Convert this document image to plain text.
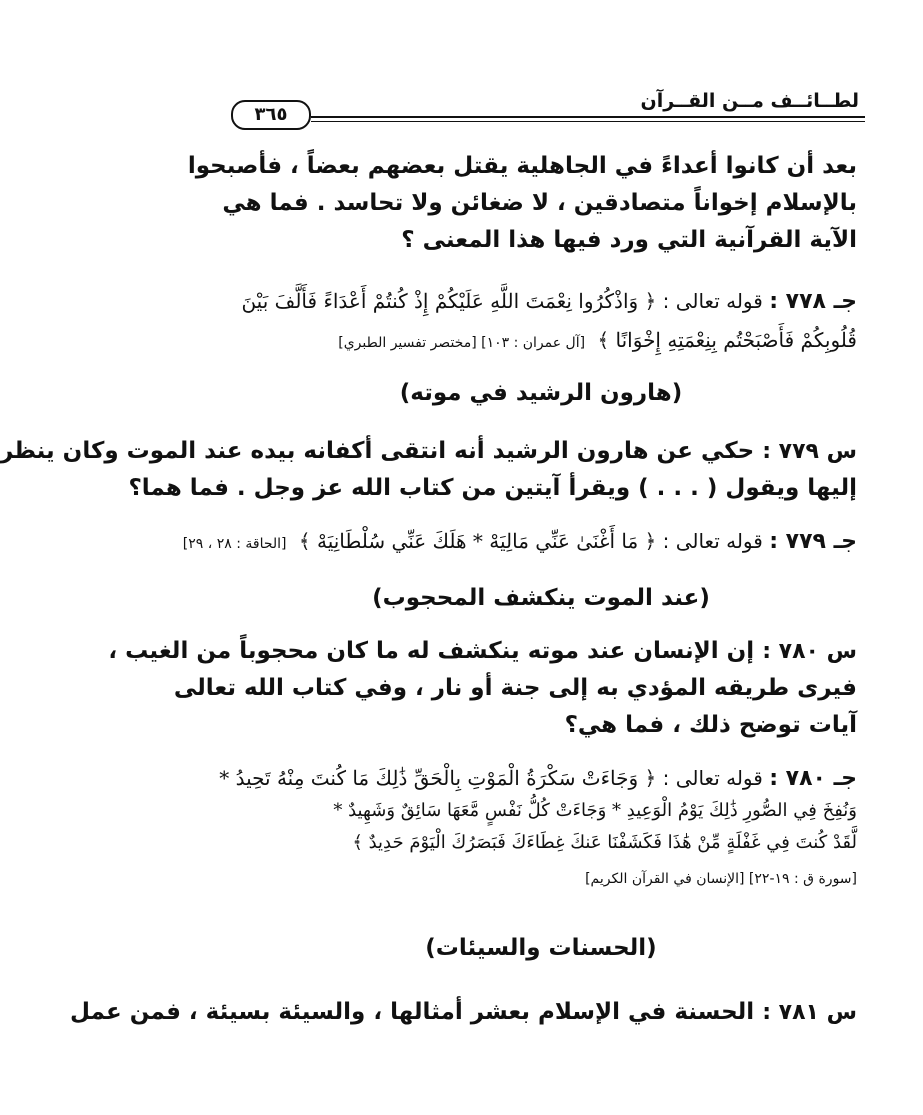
لطــائــف مــن القــرآن
٣٦٥
بعد أن كانوا أعداءً في الجاهلية يقتل بعضهم بعضاً ، فأصبحوا
بالإسلام إخواناً متصادقين ، لا ضغائن ولا تحاسد . فما هي
الآية القرآنية التي ورد فيها هذا المعنى ؟
جـ ٧٧٨ : قوله تعالى : ﴿ وَاذْكُرُوا نِعْمَتَ اللَّهِ عَلَيْكُمْ إِذْ كُنتُمْ أَعْدَاءً فَأَلَّفَ بَيْنَ
قُلُوبِكُمْ فَأَصْبَحْتُم بِنِعْمَتِهِ إِخْوَانًا ﴾ [آل عمران : ١٠٣] [مختصر تفسير الطبري]
(هارون الرشيد في موته)
س ٧٧٩ : حكي عن هارون الرشيد أنه انتقى أكفانه بيده عند الموت وكان ينظر
إليها ويقول ( . . . ) ويقرأ آيتين من كتاب الله عز وجل . فما هما؟
جـ ٧٧٩ : قوله تعالى : ﴿ مَا أَغْنَىٰ عَنِّي مَالِيَهْ * هَلَكَ عَنِّي سُلْطَانِيَهْ ﴾ [الحاقة : ٢٨ ، ٢٩]
(عند الموت ينكشف المحجوب)
س ٧٨٠ : إن الإنسان عند موته ينكشف له ما كان محجوباً من الغيب ،
فيرى طريقه المؤدي به إلى جنة أو نار ، وفي كتاب الله تعالى
آيات توضح ذلك ، فما هي؟
جـ ٧٨٠ : قوله تعالى : ﴿ وَجَاءَتْ سَكْرَةُ الْمَوْتِ بِالْحَقِّ ذَٰلِكَ مَا كُنتَ مِنْهُ تَحِيدُ *
وَنُفِخَ فِي الصُّورِ ذَٰلِكَ يَوْمُ الْوَعِيدِ * وَجَاءَتْ كُلُّ نَفْسٍ مَّعَهَا سَائِقٌ وَشَهِيدٌ *
لَّقَدْ كُنتَ فِي غَفْلَةٍ مِّنْ هَٰذَا فَكَشَفْنَا عَنكَ غِطَاءَكَ فَبَصَرُكَ الْيَوْمَ حَدِيدٌ ﴾
[سورة ق : ١٩-٢٢] [الإنسان في القرآن الكريم]
(الحسنات والسيئات)
س ٧٨١ : الحسنة في الإسلام بعشر أمثالها ، والسيئة بسيئة ، فمن عمل
